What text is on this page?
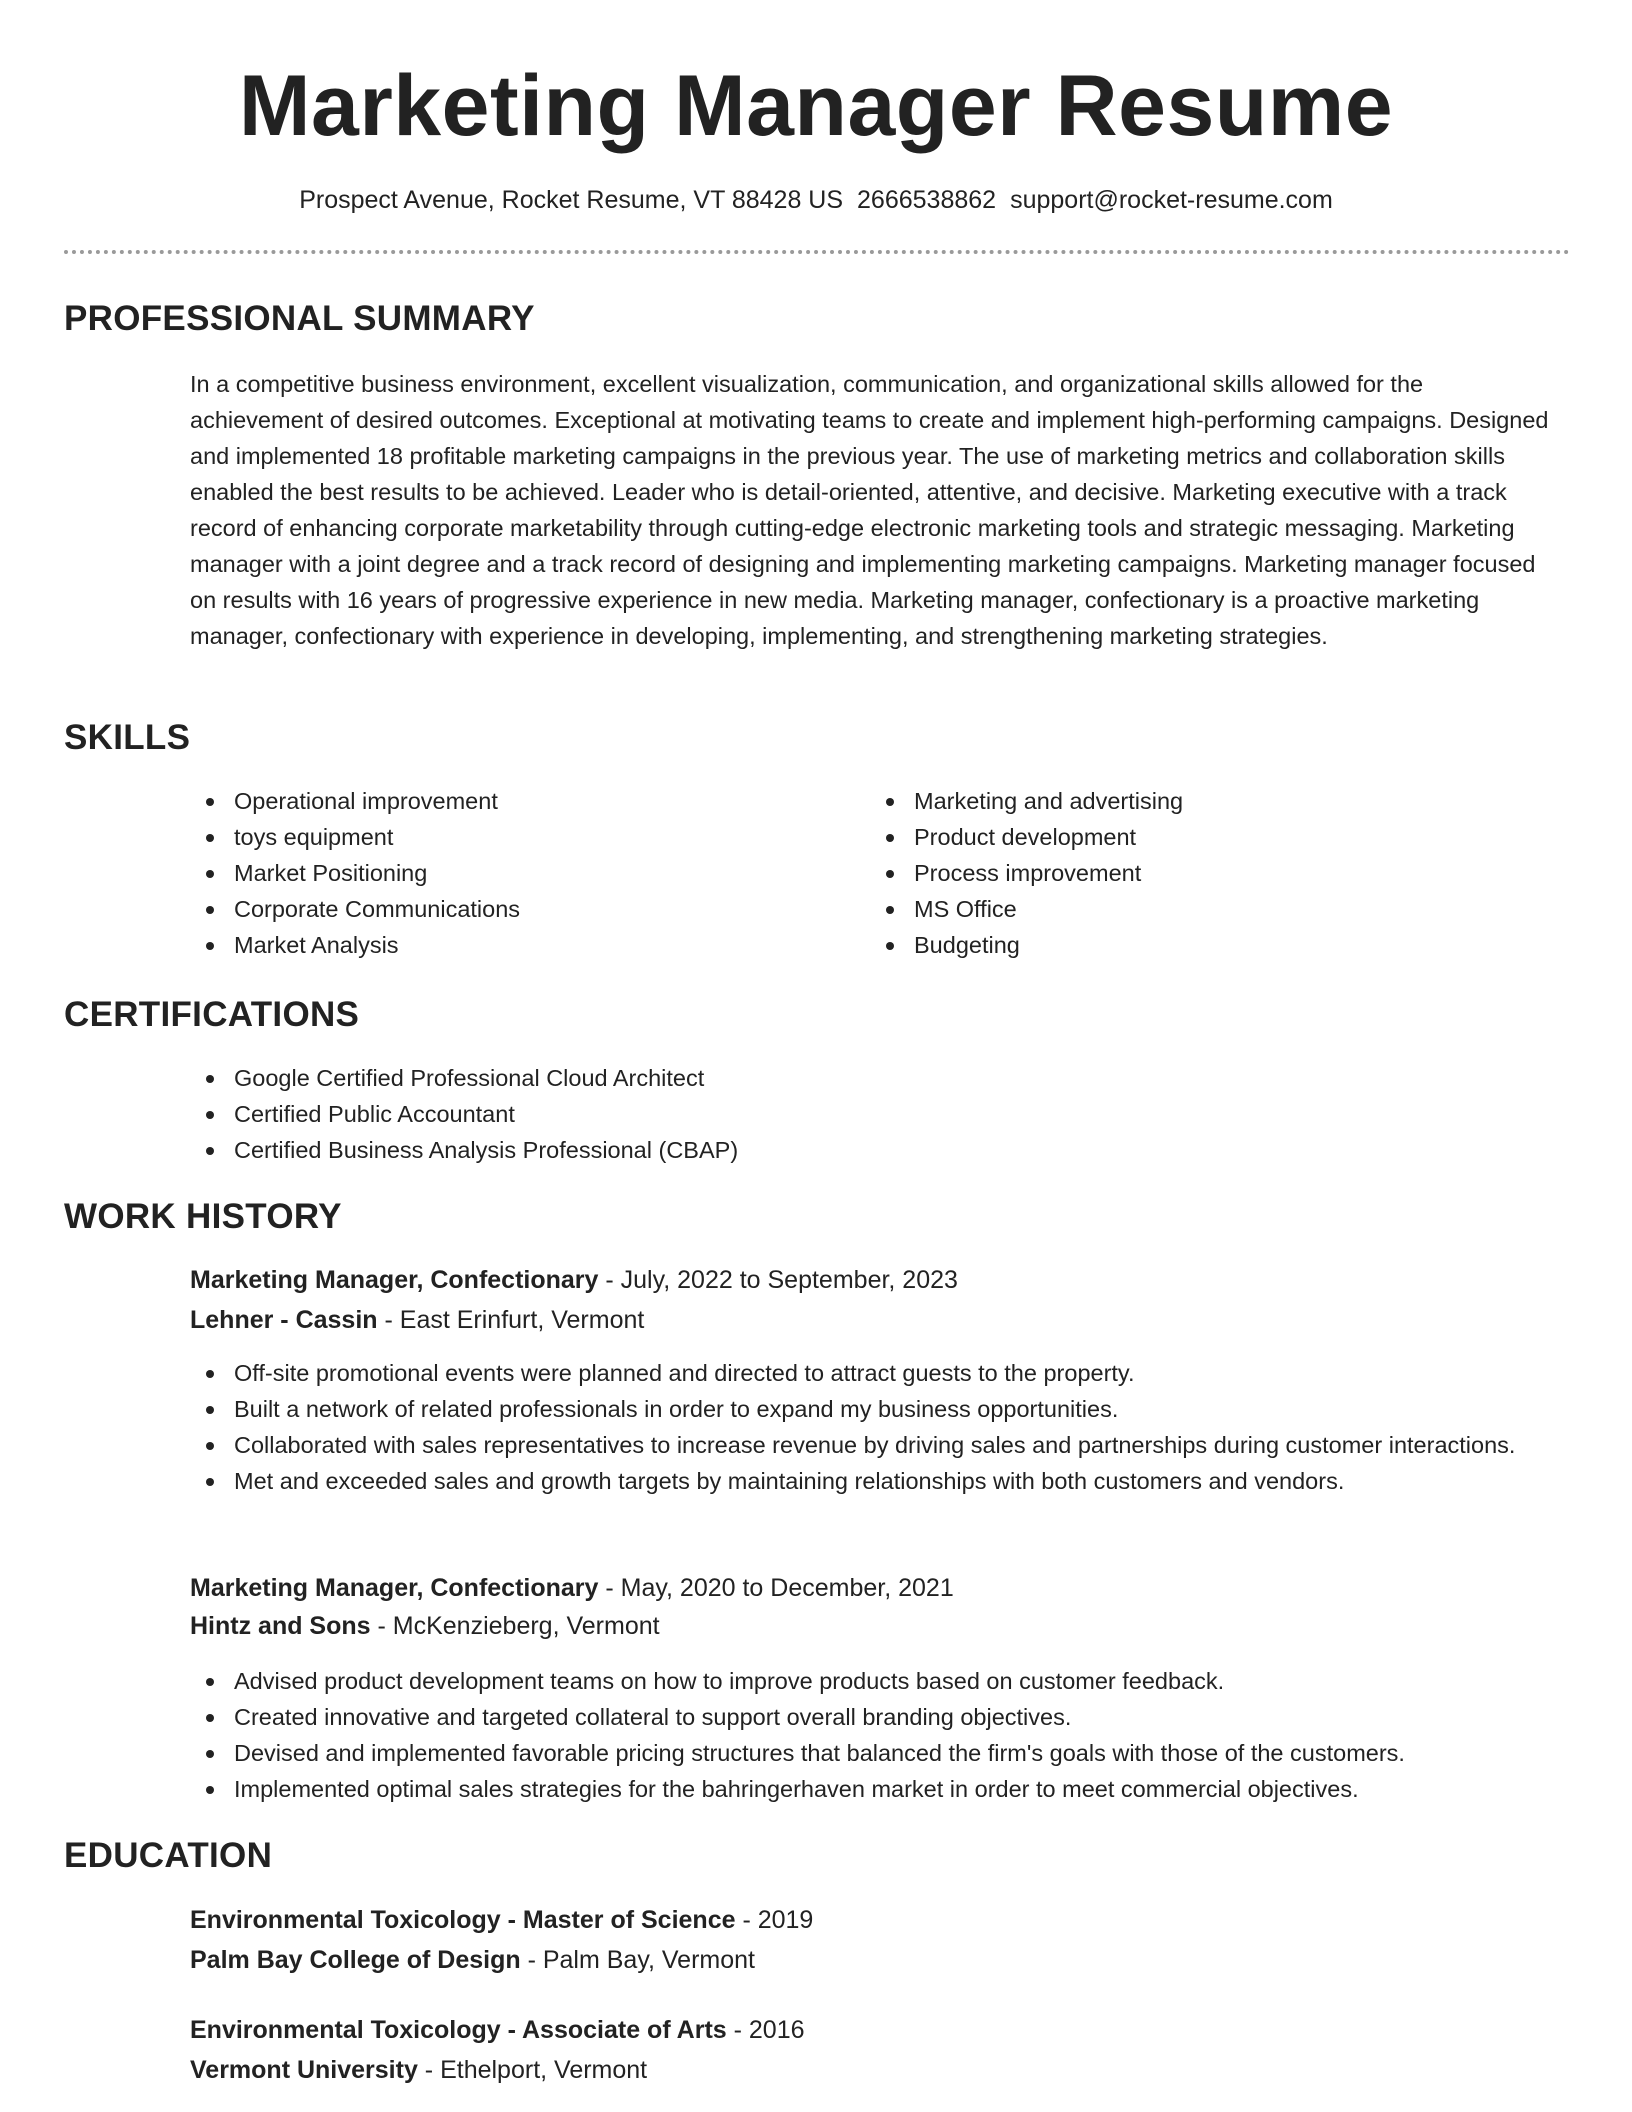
Marketing Manager Resume
Prospect Avenue, Rocket Resume, VT 88428 US 2666538862 support@rocket-resume.com
PROFESSIONAL SUMMARY

In a competitive business environment, excellent visualization, communication, and organizational skills allowed for the achievement of desired outcomes. Exceptional at motivating teams to create and implement high-performing campaigns. Designed and implemented 18 profitable marketing campaigns in the previous year. The use of marketing metrics and collaboration skills enabled the best results to be achieved. Leader who is detail-oriented, attentive, and decisive. Marketing executive with a track record of enhancing corporate marketability through cutting-edge electronic marketing tools and strategic messaging. Marketing manager with a joint degree and a track record of designing and implementing marketing campaigns. Marketing manager focused on results with 16 years of progressive experience in new media. Marketing manager, confectionary is a proactive marketing manager, confectionary with experience in developing, implementing, and strengthening marketing strategies.

SKILLS
Operational improvement
toys equipment
Market Positioning
Corporate Communications
Market Analysis
Marketing and advertising
Product development
Process improvement
MS Office
Budgeting
CERTIFICATIONS
Google Certified Professional Cloud Architect
Certified Public Accountant
Certified Business Analysis Professional (CBAP)
WORK HISTORY
Marketing Manager, Confectionary - July, 2022 to September, 2023
Lehner - Cassin - East Erinfurt, Vermont
Off-site promotional events were planned and directed to attract guests to the property.
Built a network of related professionals in order to expand my business opportunities.
Collaborated with sales representatives to increase revenue by driving sales and partnerships during customer interactions.
Met and exceeded sales and growth targets by maintaining relationships with both customers and vendors.
Marketing Manager, Confectionary - May, 2020 to December, 2021
Hintz and Sons - McKenzieberg, Vermont
Advised product development teams on how to improve products based on customer feedback.
Created innovative and targeted collateral to support overall branding objectives.
Devised and implemented favorable pricing structures that balanced the firm's goals with those of the customers.
Implemented optimal sales strategies for the bahringerhaven market in order to meet commercial objectives.
EDUCATION
Environmental Toxicology - Master of Science - 2019
Palm Bay College of Design - Palm Bay, Vermont
Environmental Toxicology - Associate of Arts - 2016
Vermont University - Ethelport, Vermont
